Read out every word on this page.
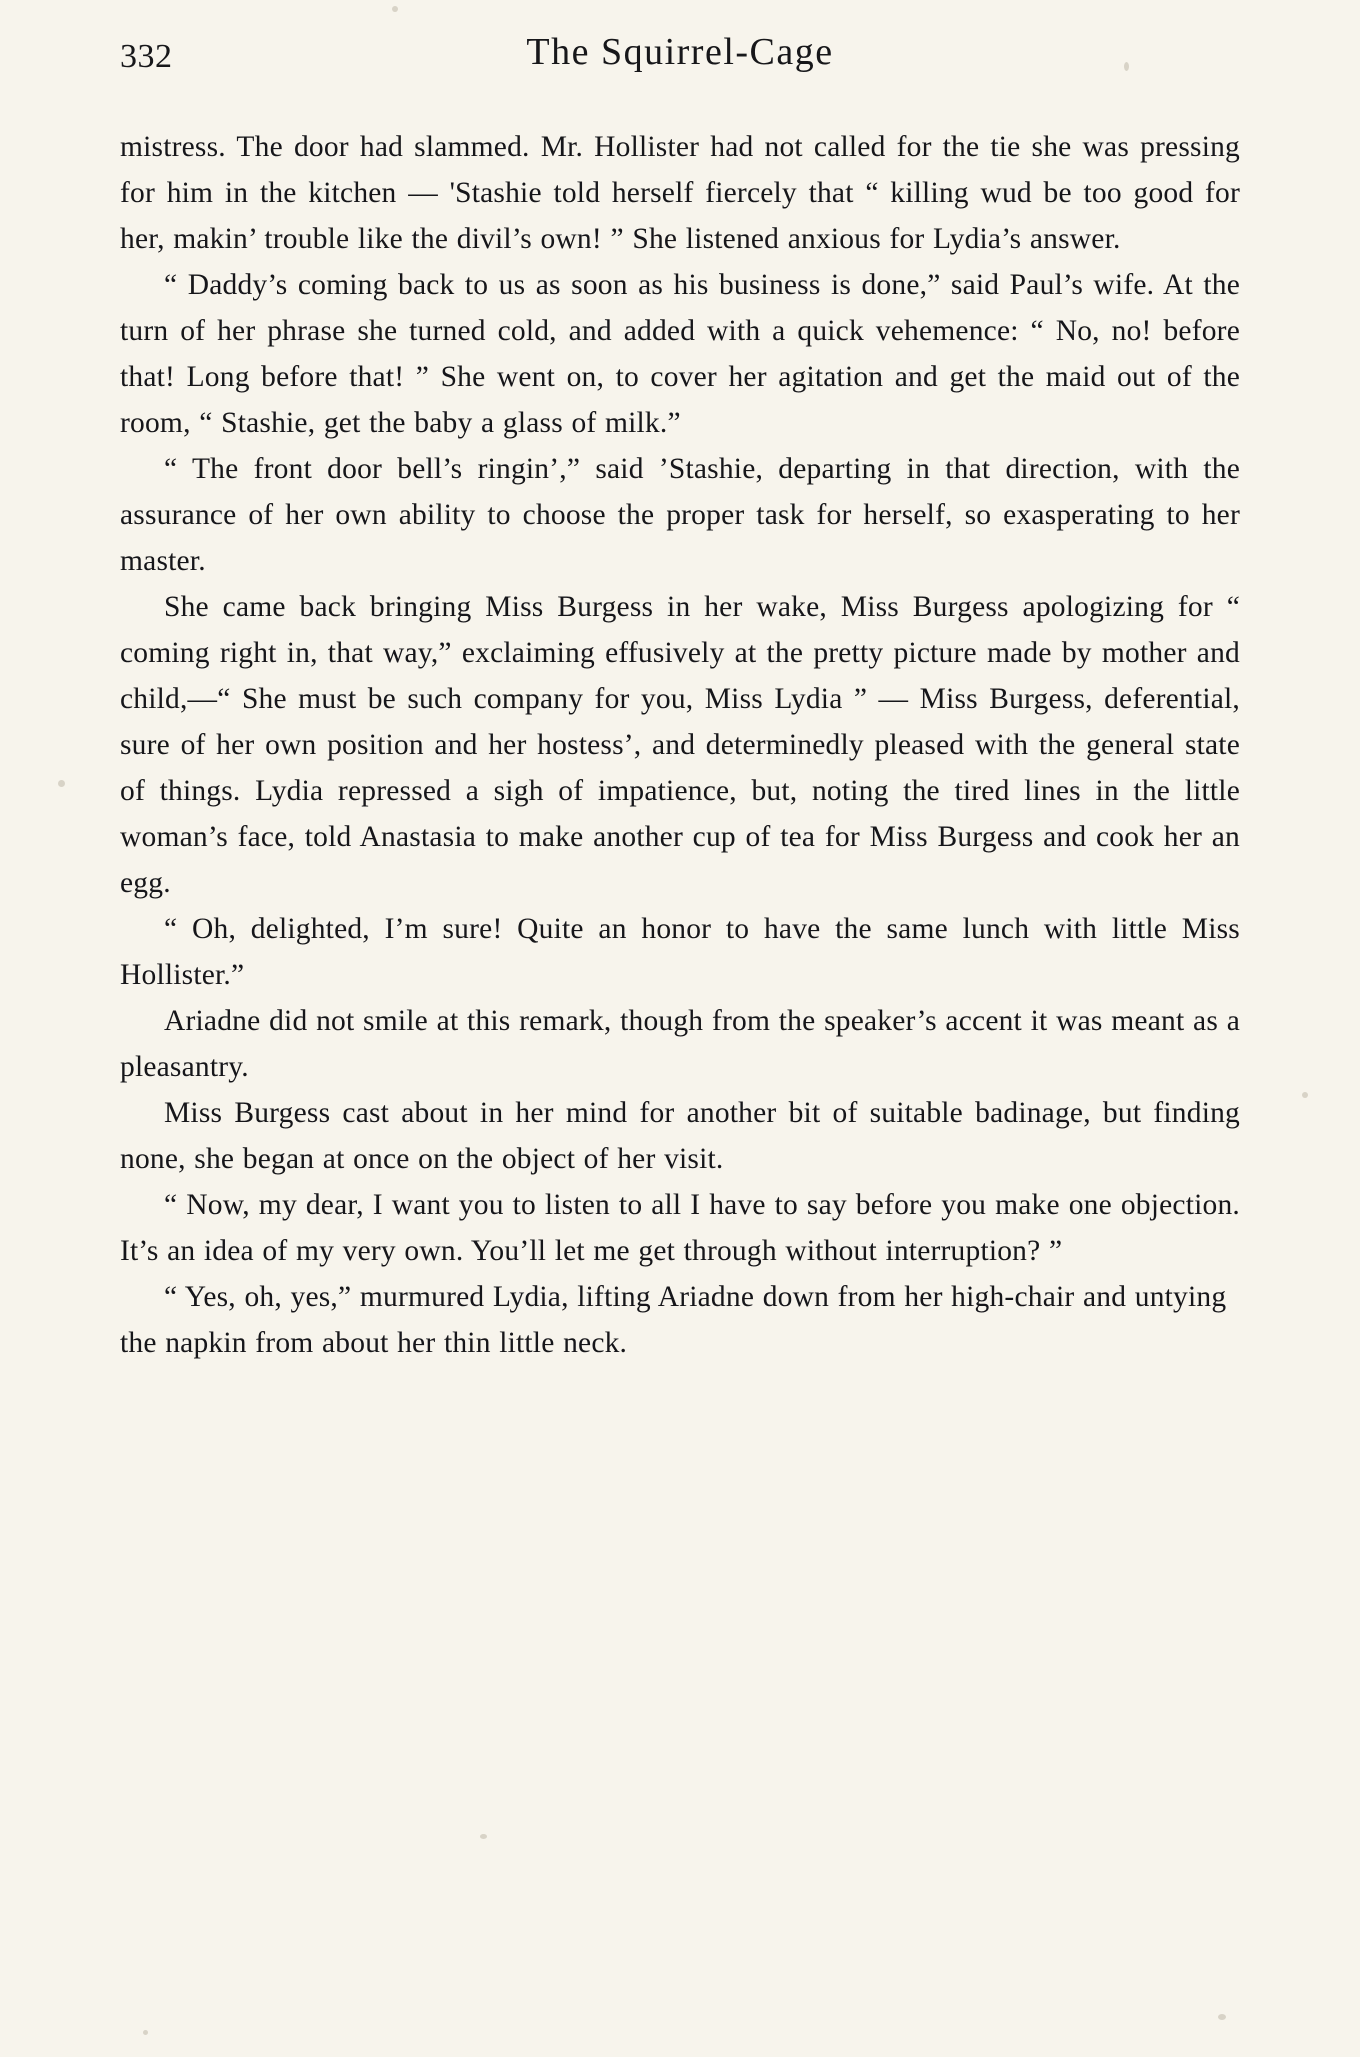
332	The Squirrel-Cage

mistress. The door had slammed. Mr. Hollister had not called for the tie she was pressing for him in the kitchen — 'Stashie told herself fiercely that “ killing wud be too good for her, makin’ trouble like the divil’s own! ” She listened anxious for Lydia’s answer.

“ Daddy’s coming back to us as soon as his business is done,” said Paul’s wife. At the turn of her phrase she turned cold, and added with a quick vehemence: “ No, no! before that! Long before that! ” She went on, to cover her agitation and get the maid out of the room, “ Stashie, get the baby a glass of milk.”

“ The front door bell’s ringin’,” said ’Stashie, departing in that direction, with the assurance of her own ability to choose the proper task for herself, so exasperating to her master.

She came back bringing Miss Burgess in her wake, Miss Burgess apologizing for “ coming right in, that way,” exclaiming effusively at the pretty picture made by mother and child,—“ She must be such company for you, Miss Lydia ” — Miss Burgess, deferential, sure of her own position and her hostess’, and determinedly pleased with the general state of things. Lydia repressed a sigh of impatience, but, noting the tired lines in the little woman’s face, told Anastasia to make another cup of tea for Miss Burgess and cook her an egg.

“ Oh, delighted, I’m sure! Quite an honor to have the same lunch with little Miss Hollister.”

Ariadne did not smile at this remark, though from the speaker’s accent it was meant as a pleasantry.

Miss Burgess cast about in her mind for another bit of suitable badinage, but finding none, she began at once on the object of her visit.

“ Now, my dear, I want you to listen to all I have to say before you make one objection. It’s an idea of my very own. You’ll let me get through without interruption? ”

“ Yes, oh, yes,” murmured Lydia, lifting Ariadne down from her high-chair and untying the napkin from about her thin little neck.
